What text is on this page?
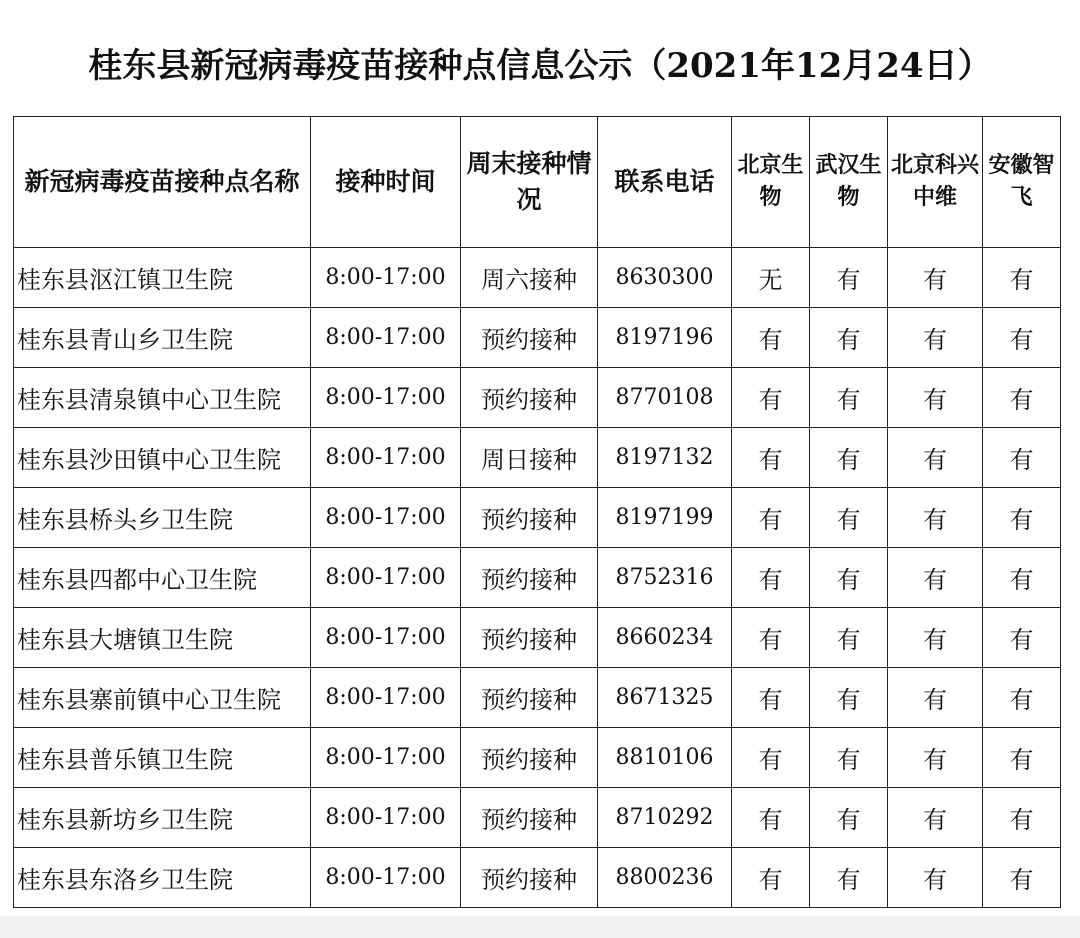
桂东县新冠病毒疫苗接种点信息公示（2021年12月24日）
新冠病毒疫苗接种点名称	接种时间	周末接种情况	联系电话	北京生物	武汉生物	北京科兴中维	安徽智飞
桂东县沤江镇卫生院	8:00-17:00	周六接种	8630300	无	有	有	有
桂东县青山乡卫生院	8:00-17:00	预约接种	8197196	有	有	有	有
桂东县清泉镇中心卫生院	8:00-17:00	预约接种	8770108	有	有	有	有
桂东县沙田镇中心卫生院	8:00-17:00	周日接种	8197132	有	有	有	有
桂东县桥头乡卫生院	8:00-17:00	预约接种	8197199	有	有	有	有
桂东县四都中心卫生院	8:00-17:00	预约接种	8752316	有	有	有	有
桂东县大塘镇卫生院	8:00-17:00	预约接种	8660234	有	有	有	有
桂东县寨前镇中心卫生院	8:00-17:00	预约接种	8671325	有	有	有	有
桂东县普乐镇卫生院	8:00-17:00	预约接种	8810106	有	有	有	有
桂东县新坊乡卫生院	8:00-17:00	预约接种	8710292	有	有	有	有
桂东县东洛乡卫生院	8:00-17:00	预约接种	8800236	有	有	有	有
